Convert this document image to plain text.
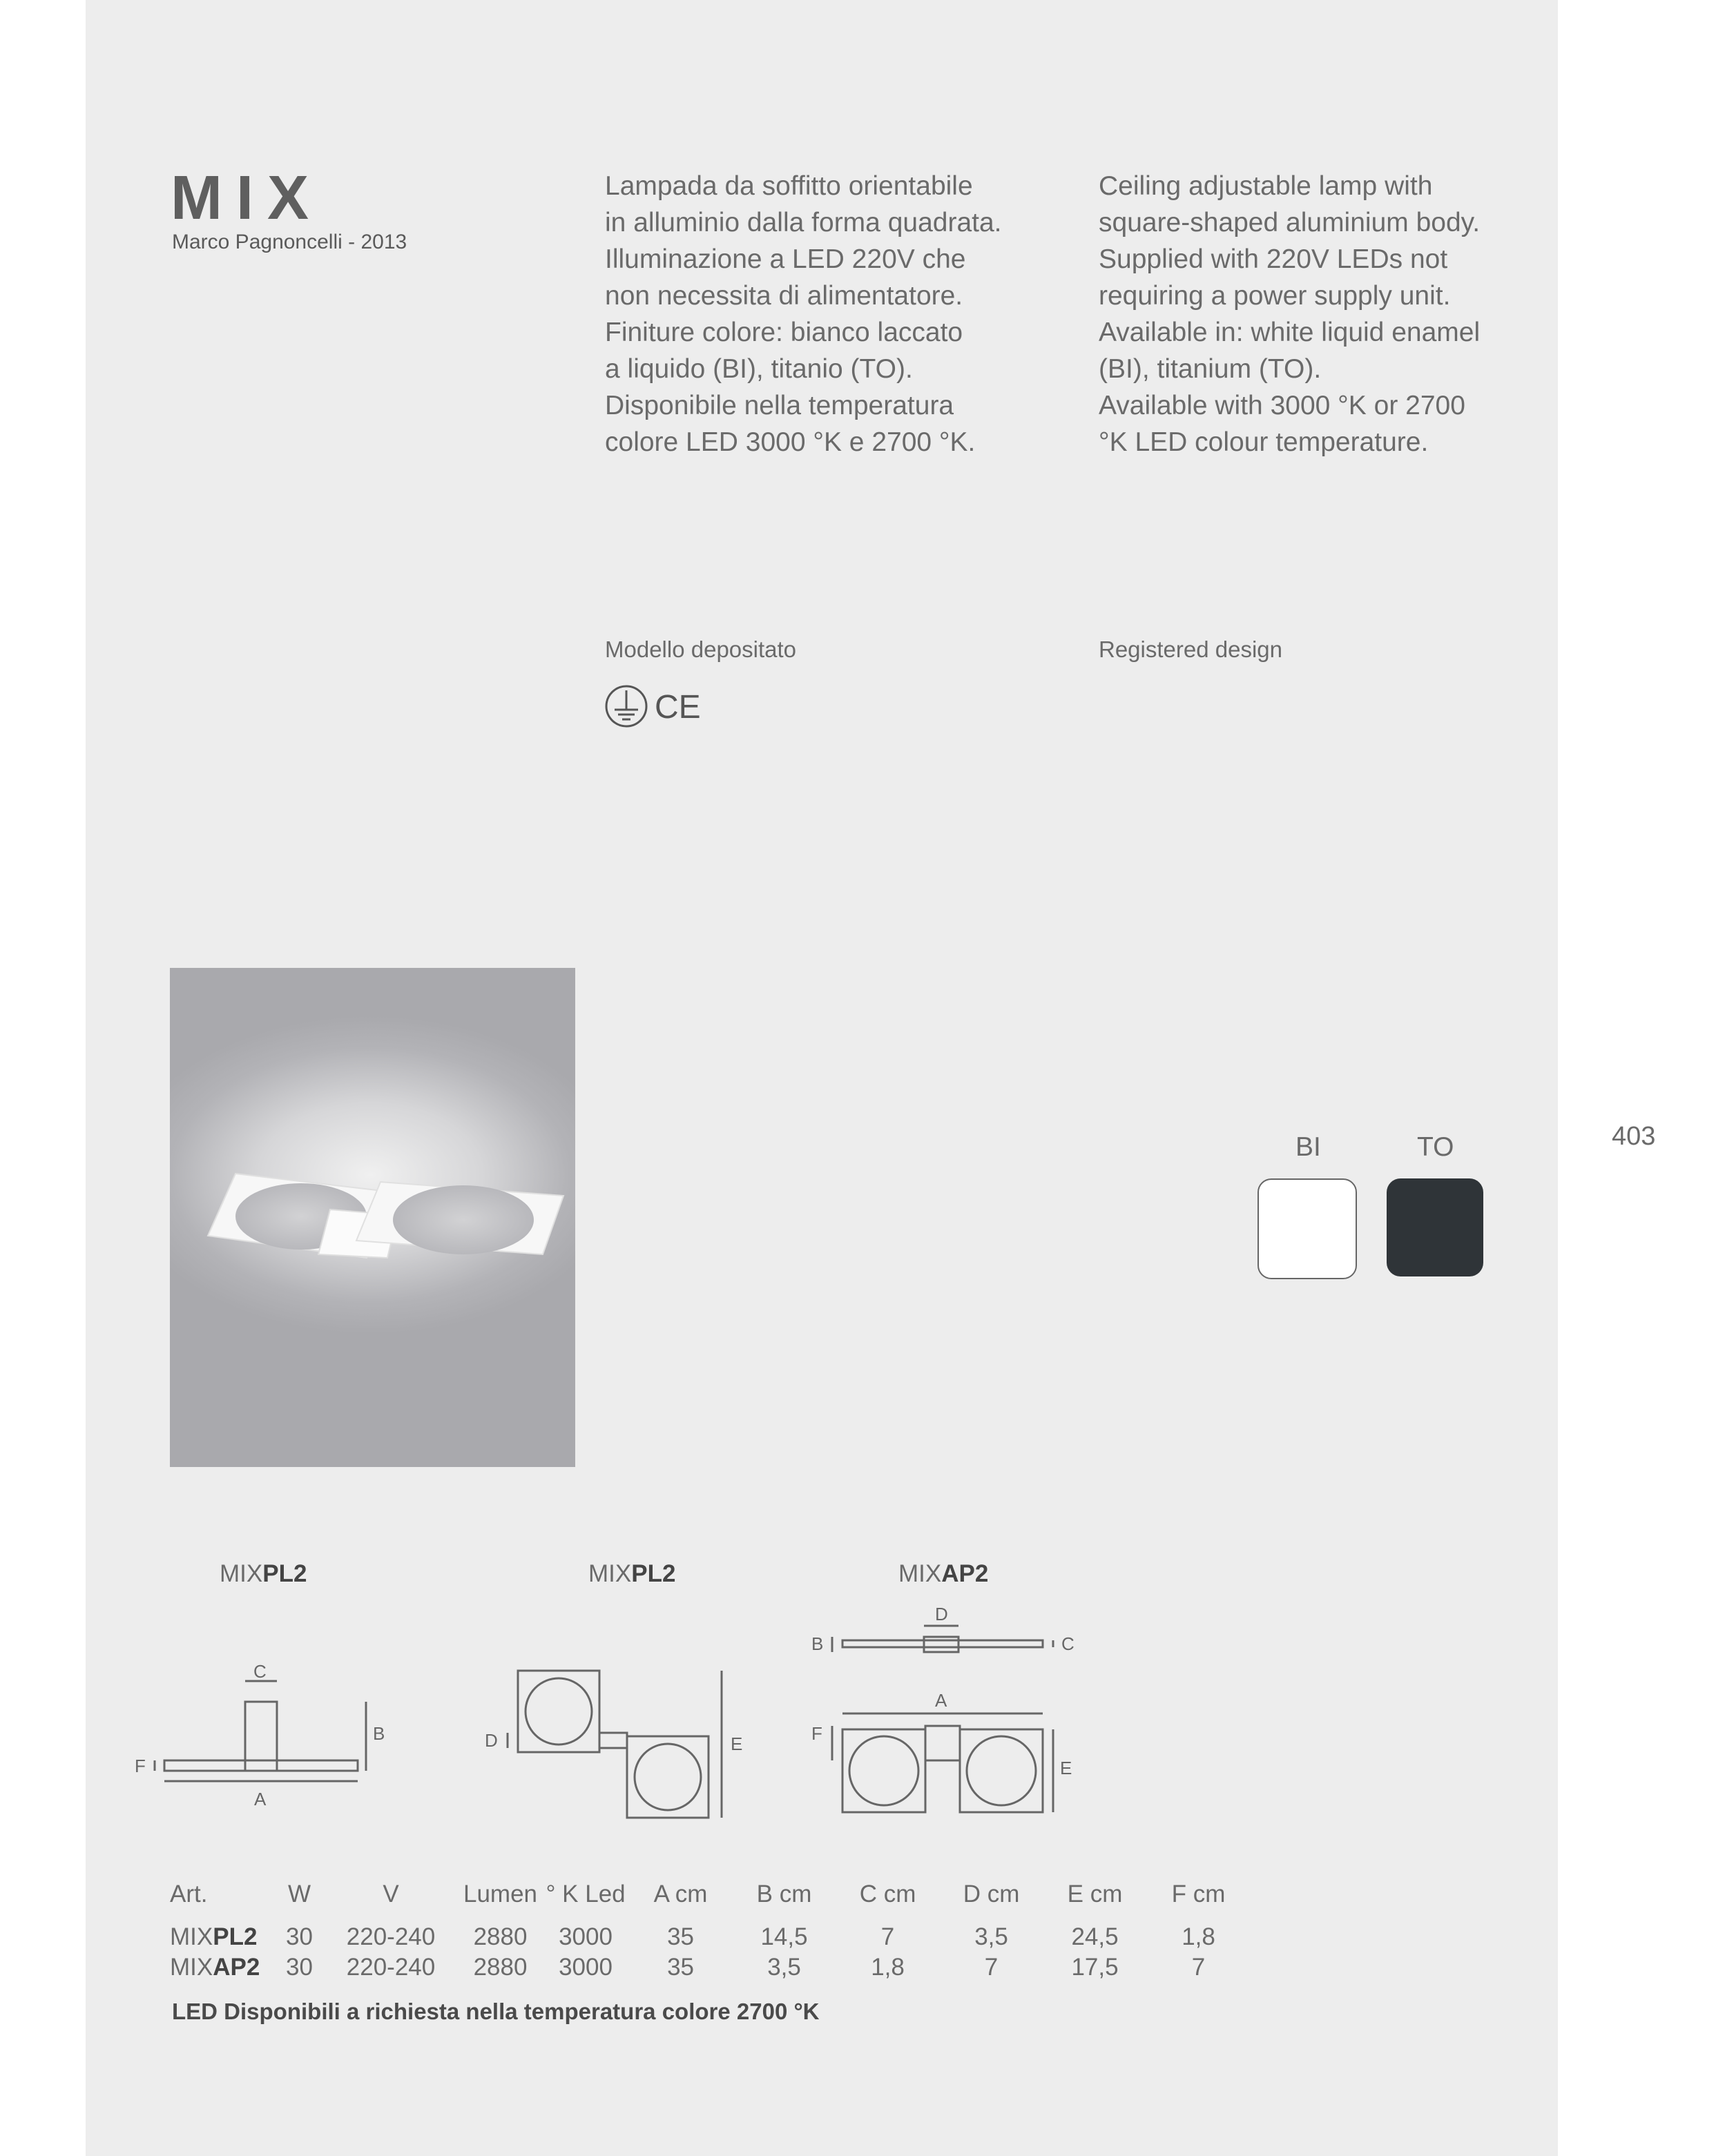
MIX
Marco Pagnoncelli - 2013
Lampada da soffitto orientabile
in alluminio dalla forma quadrata.
Illuminazione a LED 220V che
non necessita di alimentatore.
Finiture colore: bianco laccato
a liquido (BI), titanio (TO).
Disponibile nella temperatura
colore LED 3000 °K e 2700 °K.
Ceiling adjustable lamp with
square-shaped aluminium body.
Supplied with 220V LEDs not
requiring a power supply unit.
Available in: white liquid enamel
(BI), titanium (TO).
Available with 3000 °K or 2700
°K LED colour temperature.
Modello depositato	Registered design
CE
403
BI	TO
MIXPL2	MIXPL2	MIXAP2
C
B
F
A
D	E
D
B	C
A
F
E
Art.	W	V	Lumen	° K Led	A cm	B cm	C cm	D cm	E cm	F cm
MIXPL2	30	220-240	2880	3000	35	14,5	7	3,5	24,5	1,8
MIXAP2	30	220-240	2880	3000	35	3,5	1,8	7	17,5	7
LED Disponibili a richiesta nella temperatura colore 2700 °K
